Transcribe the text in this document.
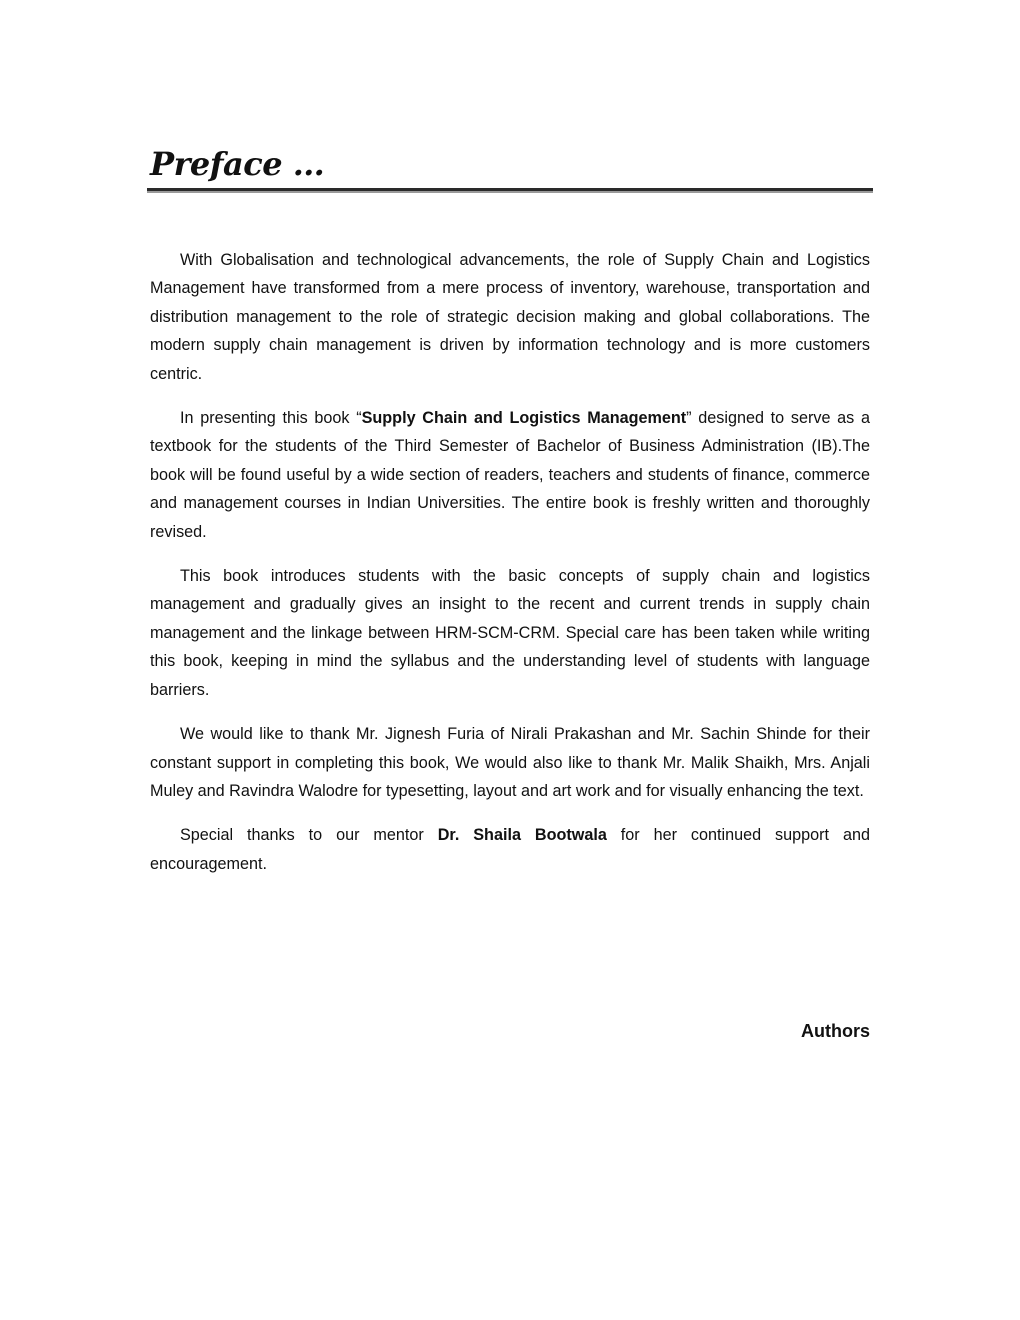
Preface …

With Globalisation and technological advancements, the role of Supply Chain and Logistics Management have transformed from a mere process of inventory, warehouse, transportation and distribution management to the role of strategic decision making and global collaborations. The modern supply chain management is driven by information technology and is more customers centric.

In presenting this book “Supply Chain and Logistics Management” designed to serve as a textbook for the students of the Third Semester of Bachelor of Business Administration (IB).The book will be found useful by a wide section of readers, teachers and students of finance, commerce and management courses in Indian Universities. The entire book is freshly written and thoroughly revised.

This book introduces students with the basic concepts of supply chain and logistics management and gradually gives an insight to the recent and current trends in supply chain management and the linkage between HRM-SCM-CRM. Special care has been taken while writing this book, keeping in mind the syllabus and the understanding level of students with language barriers.

We would like to thank Mr. Jignesh Furia of Nirali Prakashan and Mr. Sachin Shinde for their constant support in completing this book, We would also like to thank Mr. Malik Shaikh, Mrs. Anjali Muley and Ravindra Walodre for typesetting, layout and art work and for visually enhancing the text.

Special thanks to our mentor Dr. Shaila Bootwala for her continued support and encouragement.

Authors
